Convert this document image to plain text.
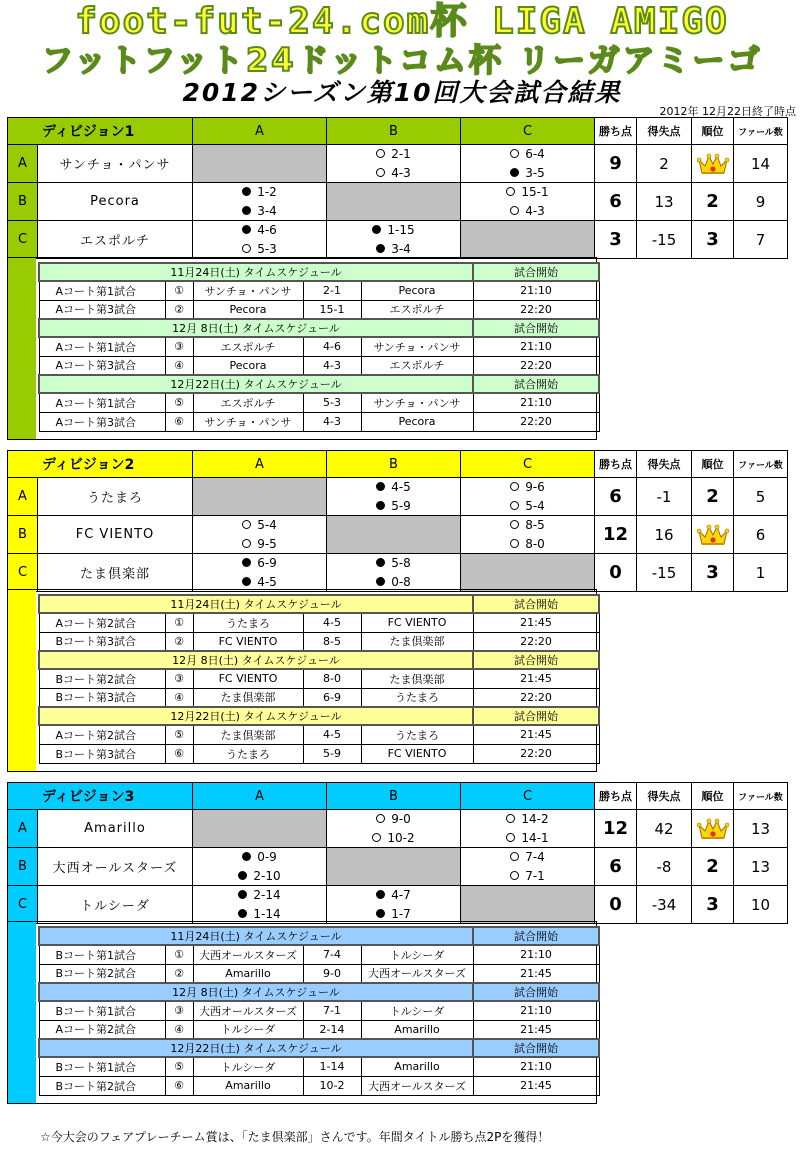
foot-fut-24.com杯 LIGA AMIGO
フットフット24ドットコム杯 リーガアミーゴ
2012シーズン第10回大会試合結果
2012年 12月22日終了時点
ディビジョン1		A	B	C	勝ち点	得失点	順位	ファール数
A	サンチョ・パンサ		2-1	6-4	9	2		14
			4-3	3-5				
B	Pecora	1-2		15-1	6	13	2	9
		3-4		4-3				
C	エスポルチ	4-6	1-15		3	-15	3	7
		5-3	3-4					
11月24日(土) タイムスケジュール					試合開始
Aコート第1試合	①	サンチョ・パンサ	2-1	Pecora	21:10
Aコート第3試合	②	Pecora	15-1	エスポルチ	22:20
12月 8日(土) タイムスケジュール					試合開始
Aコート第1試合	③	エスポルチ	4-6	サンチョ・パンサ	21:10
Aコート第3試合	④	Pecora	4-3	エスポルチ	22:20
12月22日(土) タイムスケジュール					試合開始
Aコート第1試合	⑤	エスポルチ	5-3	サンチョ・パンサ	21:10
Aコート第3試合	⑥	サンチョ・パンサ	4-3	Pecora	22:20
ディビジョン2		A	B	C	勝ち点	得失点	順位	ファール数
A	うたまろ		4-5	9-6	6	-1	2	5
			5-9	5-4				
B	FC VIENTO	5-4		8-5	12	16		6
		9-5		8-0				
C	たま倶楽部	6-9	5-8		0	-15	3	1
		4-5	0-8					
11月24日(土) タイムスケジュール					試合開始
Aコート第2試合	①	うたまろ	4-5	FC VIENTO	21:45
Bコート第3試合	②	FC VIENTO	8-5	たま倶楽部	22:20
12月 8日(土) タイムスケジュール					試合開始
Bコート第2試合	③	FC VIENTO	8-0	たま倶楽部	21:45
Bコート第3試合	④	たま倶楽部	6-9	うたまろ	22:20
12月22日(土) タイムスケジュール					試合開始
Aコート第2試合	⑤	たま倶楽部	4-5	うたまろ	21:45
Bコート第3試合	⑥	うたまろ	5-9	FC VIENTO	22:20
ディビジョン3		A	B	C	勝ち点	得失点	順位	ファール数
A	Amarillo		9-0	14-2	12	42		13
			10-2	14-1				
B	大西オールスターズ	0-9		7-4	6	-8	2	13
		2-10		7-1				
C	トルシーダ	2-14	4-7		0	-34	3	10
		1-14	1-7					
11月24日(土) タイムスケジュール					試合開始
Bコート第1試合	①	大西オールスターズ	7-4	トルシーダ	21:10
Bコート第2試合	②	Amarillo	9-0	大西オールスターズ	21:45
12月 8日(土) タイムスケジュール					試合開始
Bコート第1試合	③	大西オールスターズ	7-1	トルシーダ	21:10
Aコート第2試合	④	トルシーダ	2-14	Amarillo	21:45
12月22日(土) タイムスケジュール					試合開始
Bコート第1試合	⑤	トルシーダ	1-14	Amarillo	21:10
Bコート第2試合	⑥	Amarillo	10-2	大西オールスターズ	21:45
☆今大会のフェアプレーチーム賞は、「たま倶楽部」さんです。年間タイトル勝ち点2Pを獲得！
